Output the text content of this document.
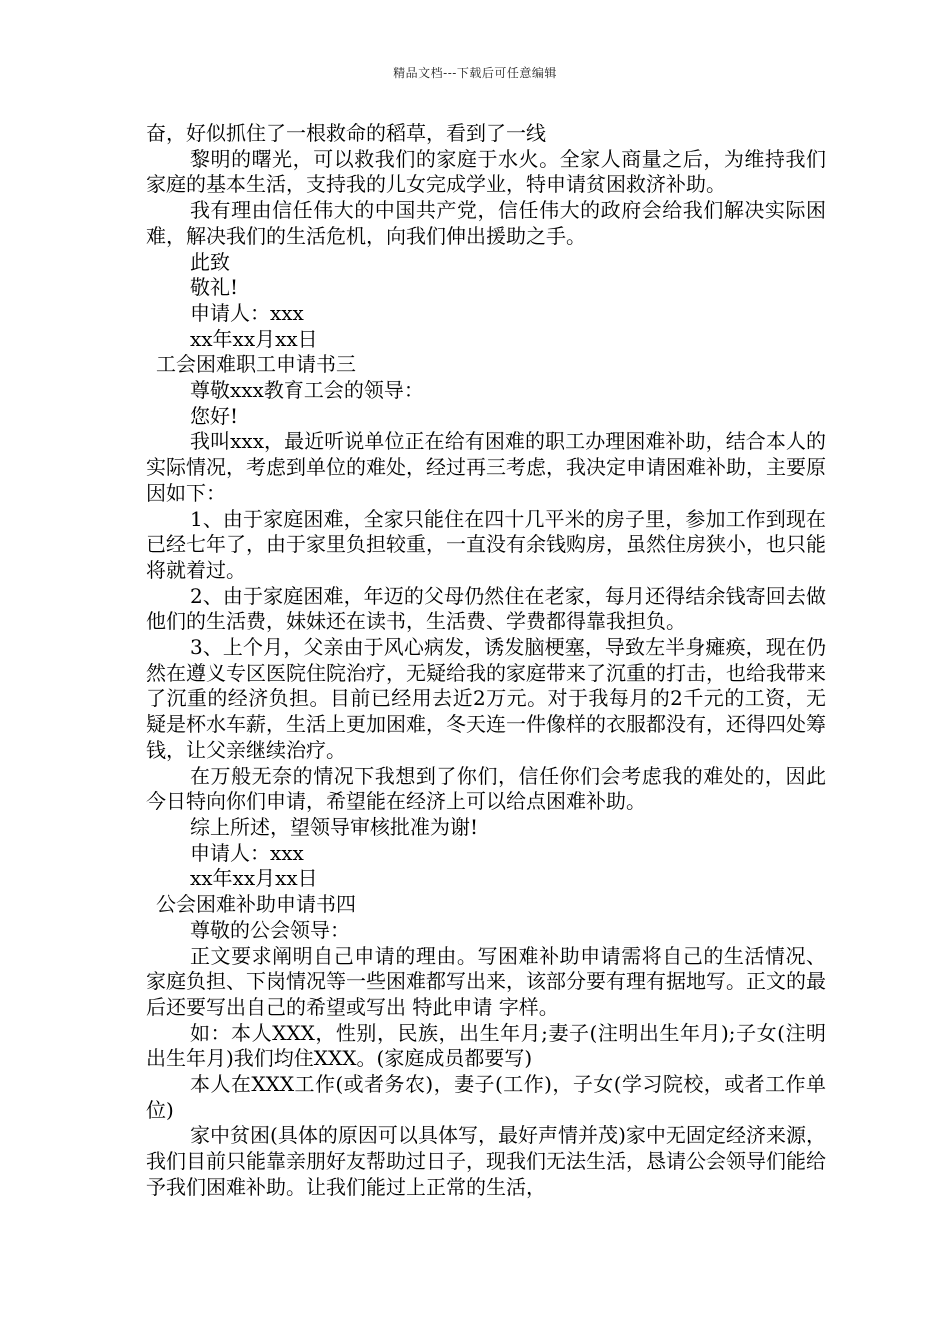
精品文档---下载后可任意编辑

奋，好似抓住了一根救命的稻草，看到了一线

黎明的曙光，可以救我们的家庭于水火。全家人商量之后，为维持我们家庭的基本生活，支持我的儿女完成学业，特申请贫困救济补助。

我有理由信任伟大的中国共产党，信任伟大的政府会给我们解决实际困难，解决我们的生活危机，向我们伸出援助之手。

此致

敬礼!

申请人：xxx

xx年xx月xx日

工会困难职工申请书三

尊敬xxx教育工会的领导：

您好!

我叫xxx，最近听说单位正在给有困难的职工办理困难补助，结合本人的实际情况，考虑到单位的难处，经过再三考虑，我决定申请困难补助，主要原因如下：

1、由于家庭困难，全家只能住在四十几平米的房子里，参加工作到现在已经七年了，由于家里负担较重，一直没有余钱购房，虽然住房狭小，也只能将就着过。

2、由于家庭困难，年迈的父母仍然住在老家，每月还得结余钱寄回去做他们的生活费，妹妹还在读书，生活费、学费都得靠我担负。

3、上个月，父亲由于风心病发，诱发脑梗塞，导致左半身瘫痪，现在仍然在遵义专区医院住院治疗，无疑给我的家庭带来了沉重的打击，也给我带来了沉重的经济负担。目前已经用去近2万元。对于我每月的2千元的工资，无疑是杯水车薪，生活上更加困难，冬天连一件像样的衣服都没有，还得四处筹钱，让父亲继续治疗。

在万般无奈的情况下我想到了你们，信任你们会考虑我的难处的，因此今日特向你们申请，希望能在经济上可以给点困难补助。

综上所述，望领导审核批准为谢!

申请人：xxx

xx年xx月xx日

公会困难补助申请书四

尊敬的公会领导：

正文要求阐明自己申请的理由。写困难补助申请需将自己的生活情况、家庭负担、下岗情况等一些困难都写出来，该部分要有理有据地写。正文的最后还要写出自己的希望或写出 特此申请 字样。

如：本人XXX，性别，民族，出生年月;妻子(注明出生年月);子女(注明出生年月)我们均住XXX。(家庭成员都要写)

本人在XXX工作(或者务农)，妻子(工作)，子女(学习院校，或者工作单位)

家中贫困(具体的原因可以具体写，最好声情并茂)家中无固定经济来源，我们目前只能靠亲朋好友帮助过日子，现我们无法生活，恳请公会领导们能给予我们困难补助。让我们能过上正常的生活，
